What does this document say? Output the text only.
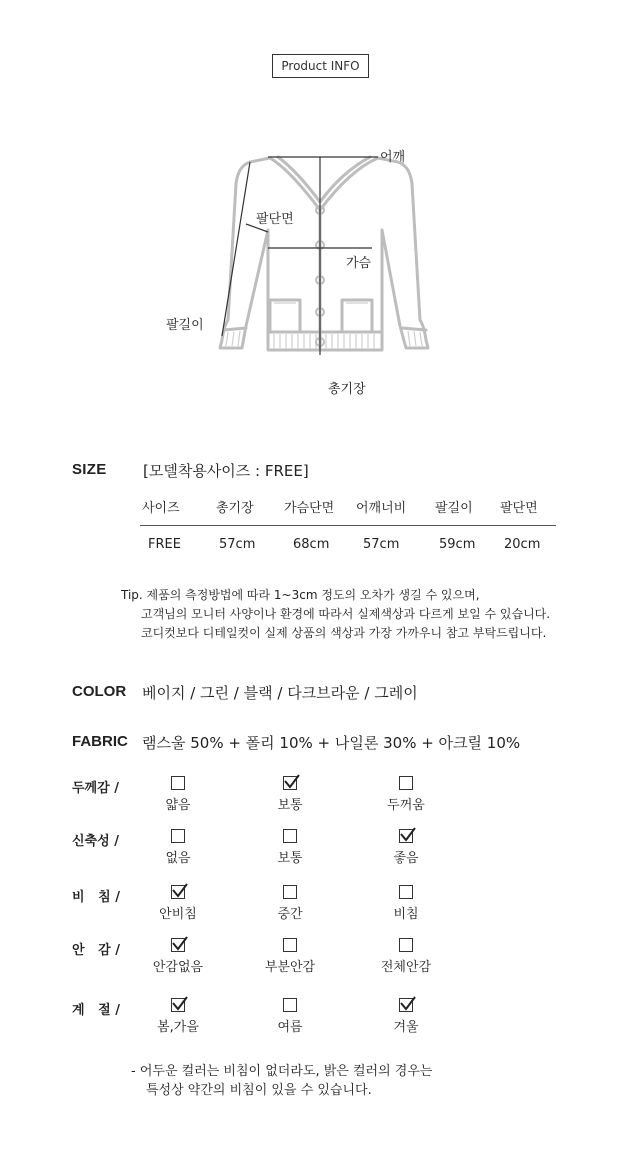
Product INFO
어깨
팔단면
가슴
팔길이
총기장
SIZE [모델착용사이즈 : FREE]
사이즈	총기장 가슴단면 어깨너비 팔길이 팔단면
FREE	57cm	68cm	57cm	59cm 20cm
Tip. 제품의 측정방법에 따라 1~3cm 정도의 오차가 생길 수 있으며,
고객님의 모니터 사양이나 환경에 따라서 실제색상과 다르게 보일 수 있습니다.
코디컷보다 디테일컷이 실제 상품의 색상과 가장 가까우니 참고 부탁드립니다.
COLOR 베이지 / 그린 / 블랙 / 다크브라운 / 그레이
FABRIC 램스울 50% + 폴리 10% + 나일론 30% + 아크릴 10%
두께감 /
얇음	보통	두꺼움
신축성 /
없음	보통	좋음
비   침 /
안비침	중간	비침
안   감 /
안감없음	부분안감	전체안감
계   절 /
봄,가을	여름	겨울
- 어두운 컬러는 비침이 없더라도, 밝은 컬러의 경우는
특성상 약간의 비침이 있을 수 있습니다.
